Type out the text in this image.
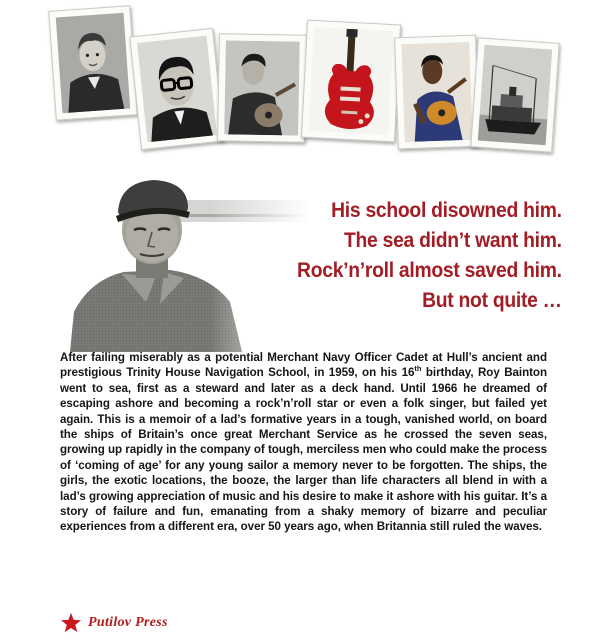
His school disowned him.
The sea didn’t want him.
Rock’n’roll almost saved him.
But not quite …
After failing miserably as a potential Merchant Navy Officer Cadet at Hull’s ancient and prestigious Trinity House Navigation School, in 1959, on his 16th birthday, Roy Bainton went to sea, first as a steward and later as a deck hand. Until 1966 he dreamed of escaping ashore and becoming a rock’n’roll star or even a folk singer, but failed yet again. This is a memoir of a lad’s formative years in a tough, vanished world, on board the ships of Britain’s once great Merchant Service as he crossed the seven seas, growing up rapidly in the company of tough, merciless men who could make the process of ‘coming of age’ for any young sailor a memory never to be forgotten. The ships, the girls, the exotic locations, the booze, the larger than life characters all blend in with a lad’s growing appreciation of music and his desire to make it ashore with his guitar. It’s a story of failure and fun, emanating from a shaky memory of bizarre and peculiar experiences from a different era, over 50 years ago, when Britannia still ruled the waves.
Putilov Press
